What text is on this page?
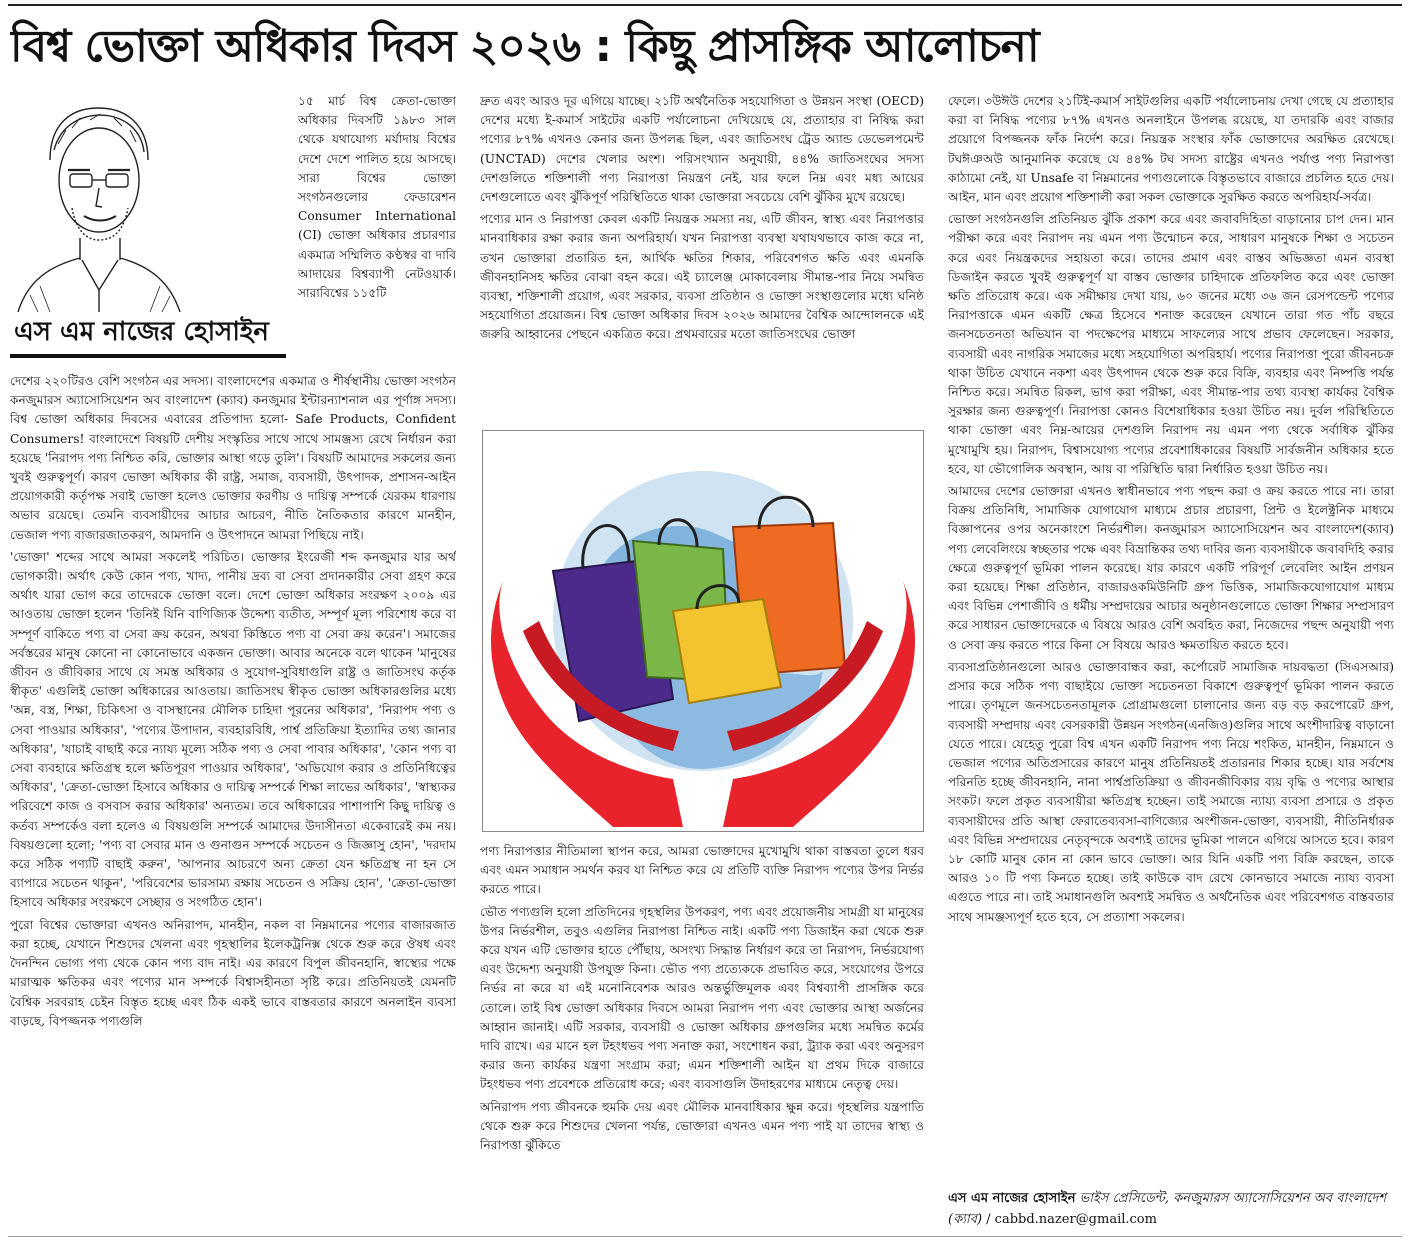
বিশ্ব ভোক্তা অধিকার দিবস ২০২৬ : কিছু প্রাসঙ্গিক আলোচনা
এস এম নাজের হোসাইন

১৫ মার্চ বিশ্ব ক্রেতা-ভোক্তা অধিকার দিবসটি ১৯৮৩ সাল থেকে যথাযোগ্য মর্যাদায় বিশ্বের দেশে দেশে পালিত হয়ে আসছে। সারা বিশ্বের ভোক্তা সংগঠনগুলোর ফেডারেশন Consumer International (CI) ভোক্তা অধিকার প্রচারণার একমাত্র সম্মিলিত কণ্ঠস্বর বা দাবি আদায়ের বিশ্বব্যাপী নেটওয়ার্ক। সারাবিশ্বের ১১৫টি

দেশের ২২০টিরও বেশি সংগঠন এর সদস্য। বাংলাদেশের একমাত্র ও শীর্ষস্থানীয় ভোক্তা সংগঠন কনজুমারস অ্যাসোসিয়েশন অব বাংলাদেশ (ক্যাব) কনজুমার ইন্টারন্যাশনাল এর পূর্ণাঙ্গ সদস্য। বিশ্ব ভোক্তা অধিকার দিবসের এবারের প্রতিপাদ্য হলো- Safe Products, Confident Consumers! বাংলাদেশে বিষয়টি দেশীয় সংস্কৃতির সাথে সাথে সামঞ্জস্য রেখে নির্ধারন করা হয়েছে 'নিরাপদ পণ্য নিশ্চিত করি, ভোক্তার আস্থা গড়ে তুলি'। বিষয়টি আমাদের সকলের জন্য খুবই গুরুত্বপূর্ণ। কারণ ভোক্তা অধিকার কী রাষ্ট্র, সমাজ, ব্যবসায়ী, উৎপাদক, প্রশাসন-আইন প্রয়োগকারী কর্তৃপক্ষ সবাই ভোক্তা হলেও ভোক্তার করণীয় ও দায়িত্ব সম্পর্কে যেরকম ধারণায় অভাব রয়েছে। তেমনি ব্যবসায়ীদের আচার আচরণ, নীতি নৈতিকতার কারণে মানহীন, ভেজাল পণ্য বাজারজাতকরণ, আমদানি ও উৎপাদনে আমরা পিছিয়ে নাই।

'ভোক্তা' শব্দের সাথে আমরা সকলেই পরিচিত। ভোক্তার ইংরেজী শব্দ কনজুমার যার অর্থ ভোগকারী। অর্থাৎ কেউ কোন পণ্য, খাদ্য, পানীয় দ্রব্য বা সেবা প্রদানকারীর সেবা গ্রহণ করে অর্থাৎ যারা ভোগ করে তাদেরকে ভোক্তা বলে। দেশে ভোক্তা অধিকার সংরক্ষণ ২০০৯ এর আওতায় ভোক্তা হলেন 'তিনিই যিনি বাণিজ্যিক উদ্দেশ্য ব্যতীত, সম্পূর্ণ মূল্য পরিশোধ করে বা সম্পূর্ণ বাকিতে পণ্য বা সেবা ক্রয় করেন, অথবা কিস্তিতে পণ্য বা সেবা ক্রয় করেন'। সমাজের সর্বস্তরের মানুষ কোনো না কোনোভাবে একজন ভোক্তা। আবার অনেকে বলে থাকেন 'মানুষের জীবন ও জীবিকার সাথে যে সমস্ত অধিকার ও সুযোগ-সুবিধাগুলি রাষ্ট্র ও জাতিসংঘ কর্তৃক স্বীকৃত' এগুলিই ভোক্তা অধিকারের আওতায়। জাতিসংঘ স্বীকৃত ভোক্তা অধিকারগুলির মধ্যে 'অন্ন, বস্ত্র, শিক্ষা, চিকিৎসা ও বাসস্থানের মৌলিক চাহিদা পূরনের অধিকার', 'নিরাপদ পণ্য ও সেবা পাওয়ার অধিকার', 'পণ্যের উপাদান, ব্যবহারবিধি, পার্শ্ব প্রতিক্রিয়া ইত্যাদির তথ্য জানার অধিকার', 'যাচাই বাছাই করে ন্যায্য মূল্যে সঠিক পণ্য ও সেবা পাবার অধিকার', 'কোন পণ্য বা সেবা ব্যবহারে ক্ষতিগ্রস্থ হলে ক্ষতিপূরণ পাওয়ার অধিকার', 'অভিযোগ করার ও প্রতিনিধিত্বের অধিকার', 'ক্রেতা-ভোক্তা হিসাবে অধিকার ও দায়িত্ব সম্পর্কে শিক্ষা লাভের অধিকার', 'স্বাস্থ্যকর পরিবেশে কাজ ও বসবাস করার অধিকার' অন্যতম। তবে অধিকারের পাশাপাশি কিছু দায়িত্ব ও কর্তব্য সম্পর্কেও বলা হলেও এ বিষয়গুলি সম্পর্কে আমাদের উদাসীনতা একেবারেই কম নয়। বিষয়গুলো হলো; 'পণ্য বা সেবার মান ও গুনাগুন সম্পর্কে সচেতন ও জিজ্ঞাসু হোন', 'দরদাম করে সঠিক পণ্যটি বাছাই করুন', 'আপনার আচরণে অন্য ক্রেতা যেন ক্ষতিগ্রস্থ না হন সে ব্যাপারে সচেতন থাকুন', 'পরিবেশের ভারসাম্য রক্ষায় সচেতন ও সক্রিয় হোন', 'ক্রেতা-ভোক্তা হিসাবে অধিকার সংরক্ষণে সেচ্ছার ও সংগঠিত হোন'।

পুরো বিশ্বের ভোক্তারা এখনও অনিরাপদ, মানহীন, নকল বা নিম্নমানের পণ্যের বাজারজাত করা হচ্ছে, যেখানে শিশুদের খেলনা এবং গৃহস্থালির ইলেকট্রনিক্স থেকে শুরু করে ঔষধ এবং দৈনন্দিন ভোগ্য পণ্য থেকে কোন পণ্য বাদ নাই। এর কারণে বিপুল জীবনহানি, স্বাস্থ্যের পক্ষে মারাত্মক ক্ষতিকর এবং পণ্যের মান সম্পর্কে বিশ্বাসহীনতা সৃষ্টি করে। প্রতিনিয়তই যেমনটি বৈশ্বিক সরবরাহ চেইন বিস্তৃত হচ্ছে এবং ঠিক একই ভাবে বাস্তবতার কারণে অনলাইন ব্যবসা বাড়ছে, বিপজ্জনক পণ্যগুলি

দ্রুত এবং আরও দূর এগিয়ে যাচ্ছে। ২১টি অর্থনৈতিক সহযোগিতা ও উন্নয়ন সংস্থা (OECD) দেশের মধ্যে ই-কমার্স সাইটের একটি পর্যালোচনা দেখিয়েছে যে, প্রত্যাহার বা নিষিদ্ধ করা পণ্যের ৮৭% এখনও কেনার জন্য উপলব্ধ ছিল, এবং জাতিসংঘ ট্রেড অ্যান্ড ডেভেলপমেন্ট (UNCTAD) দেশের খেলার অংশ। পরিসংখ্যান অনুযায়ী, ৪৪% জাতিসংঘের সদস্য দেশগুলিতে শক্তিশালী পণ্য নিরাপত্তা নিয়ন্ত্রণ নেই, যার ফলে নিম্ন এবং মধ্য আয়ের দেশগুলোতে এবং ঝুঁকিপূর্ণ পরিস্থিতিতে থাকা ভোক্তারা সবচেয়ে বেশি ঝুঁকির মুখে রয়েছে।

পণ্যের মান ও নিরাপত্তা কেবল একটি নিয়ন্ত্রক সমস্যা নয়, এটি জীবন, স্বাস্থ্য এবং নিরাপত্তার মানবাধিকার রক্ষা করার জন্য অপরিহার্য। যখন নিরাপত্তা ব্যবস্থা যথাযথভাবে কাজ করে না, তখন ভোক্তারা প্রতারিত হন, আর্থিক ক্ষতির শিকার, পরিবেশগত ক্ষতি এবং এমনকি জীবনহানিসহ ক্ষতির বোঝা বহন করে। এই চ্যালেঞ্জ মোকাবেলায় সীমান্ত-পার নিয়ে সমন্বিত ব্যবস্থা, শক্তিশালী প্রয়োগ, এবং সরকার, ব্যবসা প্রতিষ্ঠান ও ভোক্তা সংস্থাগুলোর মধ্যে ঘনিষ্ঠ সহযোগিতা প্রয়োজন। বিশ্ব ভোক্তা অধিকার দিবস ২০২৬ আমাদের বৈশ্বিক আন্দোলনকে এই জরুরি আহ্বানের পেছনে একত্রিত করে। প্রথমবারের মতো জাতিসংঘের ভোক্তা

পণ্য নিরাপত্তার নীতিমালা স্থাপন করে, আমরা ভোক্তাদের মুখোমুখি থাকা বাস্তবতা তুলে ধরব এবং এমন সমাধান সমর্থন করব যা নিশ্চিত করে যে প্রতিটি ব্যক্তি নিরাপদ পণ্যের উপর নির্ভর করতে পারে।

ভৌত পণ্যগুলি হলো প্রতিদিনের গৃহস্থলির উপকরণ, পণ্য এবং প্রয়োজনীয় সামগ্রী যা মানুষের উপর নির্ভরশীল, তবুও এগুলির নিরাপত্তা নিশ্চিত নাই। একটি পণ্য ডিজাইন করা থেকে শুরু করে যখন এটি ভোক্তার হাতে পৌঁছায়, অসংখ্য সিদ্ধান্ত নির্ধারণ করে তা নিরাপদ, নির্ভরযোগ্য এবং উদ্দেশ্য অনুযায়ী উপযুক্ত কিনা। ভৌত পণ্য প্রত্যেককে প্রভাবিত করে, সংযোগের উপরে নির্ভর না করে যা এই মনোনিবেশক আরও অন্তর্ভুক্তিমূলক এবং বিশ্বব্যাপী প্রাসঙ্গিক করে তোলে। তাই বিশ্ব ভোক্তা অধিকার দিবসে আমরা নিরাপদ পণ্য এবং ভোক্তার আস্থা অর্জনের আহ্বান জানাই। এটি সরকার, ব্যবসায়ী ও ভোক্তা অধিকার গ্রুপগুলির মধ্যে সমন্বিত কর্মের দাবি রাখে। এর মানে হল টহংধভব পণ্য সনাক্ত করা, সংশোধন করা, ট্র্যাক করা এবং অনুসরণ করার জন্য কার্যকর যন্ত্রণা সংগ্রাম করা; এমন শক্তিশালী আইন যা প্রথম দিকে বাজারে টহংধভব পণ্য প্রবেশকে প্রতিরোধ করে; এবং ব্যবসাগুলি উদাহরণের মাধ্যমে নেতৃত্ব দেয়।

অনিরাপদ পণ্য জীবনকে হুমকি দেয় এবং মৌলিক মানবাধিকার ক্ষুন্ন করে। গৃহস্থলির যন্ত্রপাতি থেকে শুরু করে শিশুদের খেলনা পর্যন্ত, ভোক্তারা এখনও এমন পণ্য পাই যা তাদের স্বাস্থ্য ও নিরাপত্তা ঝুঁকিতে

ফেলে। ৩উঈউ দেশের ২১টিই-কমার্স সাইটগুলির একটি পর্যালোচনায় দেখা গেছে যে প্রত্যাহার করা বা নিষিদ্ধ পণ্যের ৮৭% এখনও অনলাইনে উপলব্ধ রয়েছে, যা তদারকি এবং বাজার প্রয়োগে বিপজ্জনক ফাঁক নির্দেশ করে। নিয়ন্ত্রক সংস্থার ফাঁক ভোক্তাদের অরক্ষিত রেখেছে। টঘঈঞঅউ আনুমানিক করেছে যে ৪৪% টঘ সদস্য রাষ্ট্রের এখনও পর্যাপ্ত পণ্য নিরাপত্তা কাঠামো নেই, যা Unsafe বা নিম্নমানের পণ্যগুলোকে বিস্তৃতভাবে বাজারে প্রচলিত হতে দেয়।আইন, মান এবং প্রয়োগ শক্তিশালী করা সকল ভোক্তাকে সুরক্ষিত করতে অপরিহার্য-সর্বত্র।

ভোক্তা সংগঠনগুলি প্রতিনিয়ত ঝুঁকি প্রকাশ করে এবং জবাবদিহিতা বাড়ানোর চাপ দেন। মান পরীক্ষা করে এবং নিরাপদ নয় এমন পণ্য উন্মোচন করে, সাধারণ মানুষকে শিক্ষা ও সচেতন করে এবং নিয়ন্ত্রকদের সহায়তা করে। তাদের প্রমাণ এবং বাস্তব অভিজ্ঞতা এমন ব্যবস্থা ডিজাইন করতে খুবই গুরুত্বপূর্ণ যা বাস্তব ভোক্তার চাহিদাকে প্রতিফলিত করে এবং ভোক্তা ক্ষতি প্রতিরোধ করে। এক সমীক্ষায় দেখা যায়, ৬০ জনের মধ্যে ৩৬ জন রেসপন্ডেন্ট পণ্যের নিরাপত্তাকে এমন একটি ক্ষেত্র হিসেবে শনাক্ত করেছেন যেখানে তারা গত পাঁচ বছরে জনসচেতনতা অভিযান বা পদক্ষেপের মাধ্যমে সাফল্যের সাথে প্রভাব ফেলেছেন। সরকার, ব্যবসায়ী এবং নাগরিক সমাজের মধ্যে সহযোগিতা অপরিহার্য। পণ্যের নিরাপত্তা পুরো জীবনচক্র থাকা উচিত যেখানে নকশা এবং উৎপাদন থেকে শুরু করে বিক্রি, ব্যবহার এবং নিষ্পত্তি পর্যন্ত নিশ্চিত করে। সমন্বিত রিকল, ভাগ করা পরীক্ষা, এবং সীমান্ত-পার তথ্য ব্যবস্থা কার্যকর বৈশ্বিক সুরক্ষার জন্য গুরুত্বপূর্ণ। নিরাপত্তা কোনও বিশেষাধিকার হওয়া উচিত নয়। দুর্বল পরিস্থিতিতে থাকা ভোক্তা এবং নিম্ন-আয়ের দেশগুলি নিরাপদ নয় এমন পণ্য থেকে সর্বাধিক ঝুঁকির মুখোমুখি হয়। নিরাপদ, বিশ্বাসযোগ্য পণ্যের প্রবেশাধিকারের বিষয়টি সার্বজনীন অধিকার হতে হবে, যা ভৌগোলিক অবস্থান, আয় বা পরিস্থিতি দ্বারা নির্ধারিত হওয়া উচিত নয়।

আমাদের দেশের ভোক্তারা এখনও স্বাধীনভাবে পণ্য পছন্দ করা ও ক্রয় করতে পারে না। তারা বিক্রয় প্রতিনিধি, সামাজিক যোগাযোগ মাধ্যমে প্রচার প্রচারণা, প্রিন্ট ও ইলেক্ট্রনিক মাধ্যমে বিজ্ঞাপনের ওপর অনেকাংশে নির্ভরশীল। কনজুমারস অ্যাসোসিয়েশন অব বাংলাদেশ(ক্যাব) পণ্য লেবেলিংয়ে স্বচ্ছতার পক্ষে এবং বিভ্রান্তিকর তথ্য দাবির জন্য ব্যবসায়ীকে জবাবদিহি করার ক্ষেত্রে গুরুত্বপূর্ণ ভূমিকা পালন করেছে। যার কারণে একটি পরিপূর্ণ লেবেলিং আইন প্রণয়ন করা হয়েছে। শিক্ষা প্রতিষ্ঠান, বাজারওকমিউনিটি গ্রুপ ভিত্তিক, সামাজিকযোগাযোগ মাধ্যম এবং বিভিন্ন পেশাজীবি ও ধর্মীয় সম্প্রদায়ের আচার অনুষ্ঠানগুলোতে ভোক্তা শিক্ষার সম্প্রসারণ করে সাধারন ভোক্তাদেরকে এ বিষয়ে আরও বেশি অবহিত করা, নিজেদের পছন্দ অনুযায়ী পণ্য ও সেবা ক্রয় করতে পারে কিনা সে বিষয়ে আরও ক্ষমতায়িত করতে হবে।

ব্যবসাপ্রতিষ্ঠানগুলো আরও ভোক্তাবান্ধব করা, কর্পোরেট সামাজিক দায়বদ্ধতা (সিএসআর) প্রসার করে সঠিক পণ্য বাছাইয়ে ভোক্তা সচেতনতা বিকাশে গুরুত্বপূর্ণ ভূমিকা পালন করতে পারে। তৃণমূলে জনসচেতনতামূলক প্রোগ্রামগুলো চালানোর জন্য বড় বড় করপোরেট গ্রুপ, ব্যবসায়ী সম্প্রদায় এবং বেসরকারী উন্নয়ন সংগঠন(এনজিও)গুলির সাথে অংশীদারিত্ব বাড়ানো যেতে পারে। যেহেতু পুরো বিশ্ব এখন একটি নিরাপদ পণ্য নিয়ে শংকিত, মানহীন, নিম্নমানে ও ভেজাল পণ্যের অতিপ্রসারের কারণে মানুষ প্রতিনিয়তই প্রতারনার শিকার হচ্ছে। যার সর্বশেষ পরিনতি হচ্ছে জীবনহানি, নানা পার্শ্বপ্রতিক্রিয়া ও জীবনজীবিকার ব্যয় বৃদ্ধি ও পণ্যের আস্থার সংকট। ফলে প্রকৃত ব্যবসায়ীরা ক্ষতিগ্রস্থ হচ্ছেন। তাই সমাজে ন্যায্য ব্যবসা প্রসারে ও প্রকৃত ব্যবসায়ীদের প্রতি আস্থা ফেরাতেব্যবসা-বাণিজ্যের অংশীজন-ভোক্তা, ব্যবসায়ী, নীতিনির্ধারক এবং বিভিন্ন সম্প্রদায়ের নেতৃবৃন্দকে অবশ্যই তাদের ভূমিকা পালনে এগিয়ে আসতে হবে। কারণ ১৮ কোটি মানুষ কোন না কোন ভাবে ভোক্তা। আর যিনি একটি পণ্য বিক্রি করছেন, তাকে আরও ১০ টি পণ্য কিনতে হচ্ছে। তাই কাউকে বাদ রেখে কোনভাবে সমাজে ন্যায্য ব্যবসা এগুতে পারে না। তাই সমাধানগুলি অবশ্যই সমন্বিত ও অর্থনৈতিক এবং পরিবেশগত বাস্তবতার সাথে সামঞ্জস্যপূর্ণ হতে হবে, সে প্রত্যাশা সকলের।

এস এম নাজের হোসাইন ভাইস প্রেসিডেন্ট, কনজুমারস অ্যাসোসিয়েশন অব বাংলাদেশ (ক্যাব) / cabbd.nazer@gmail.com
